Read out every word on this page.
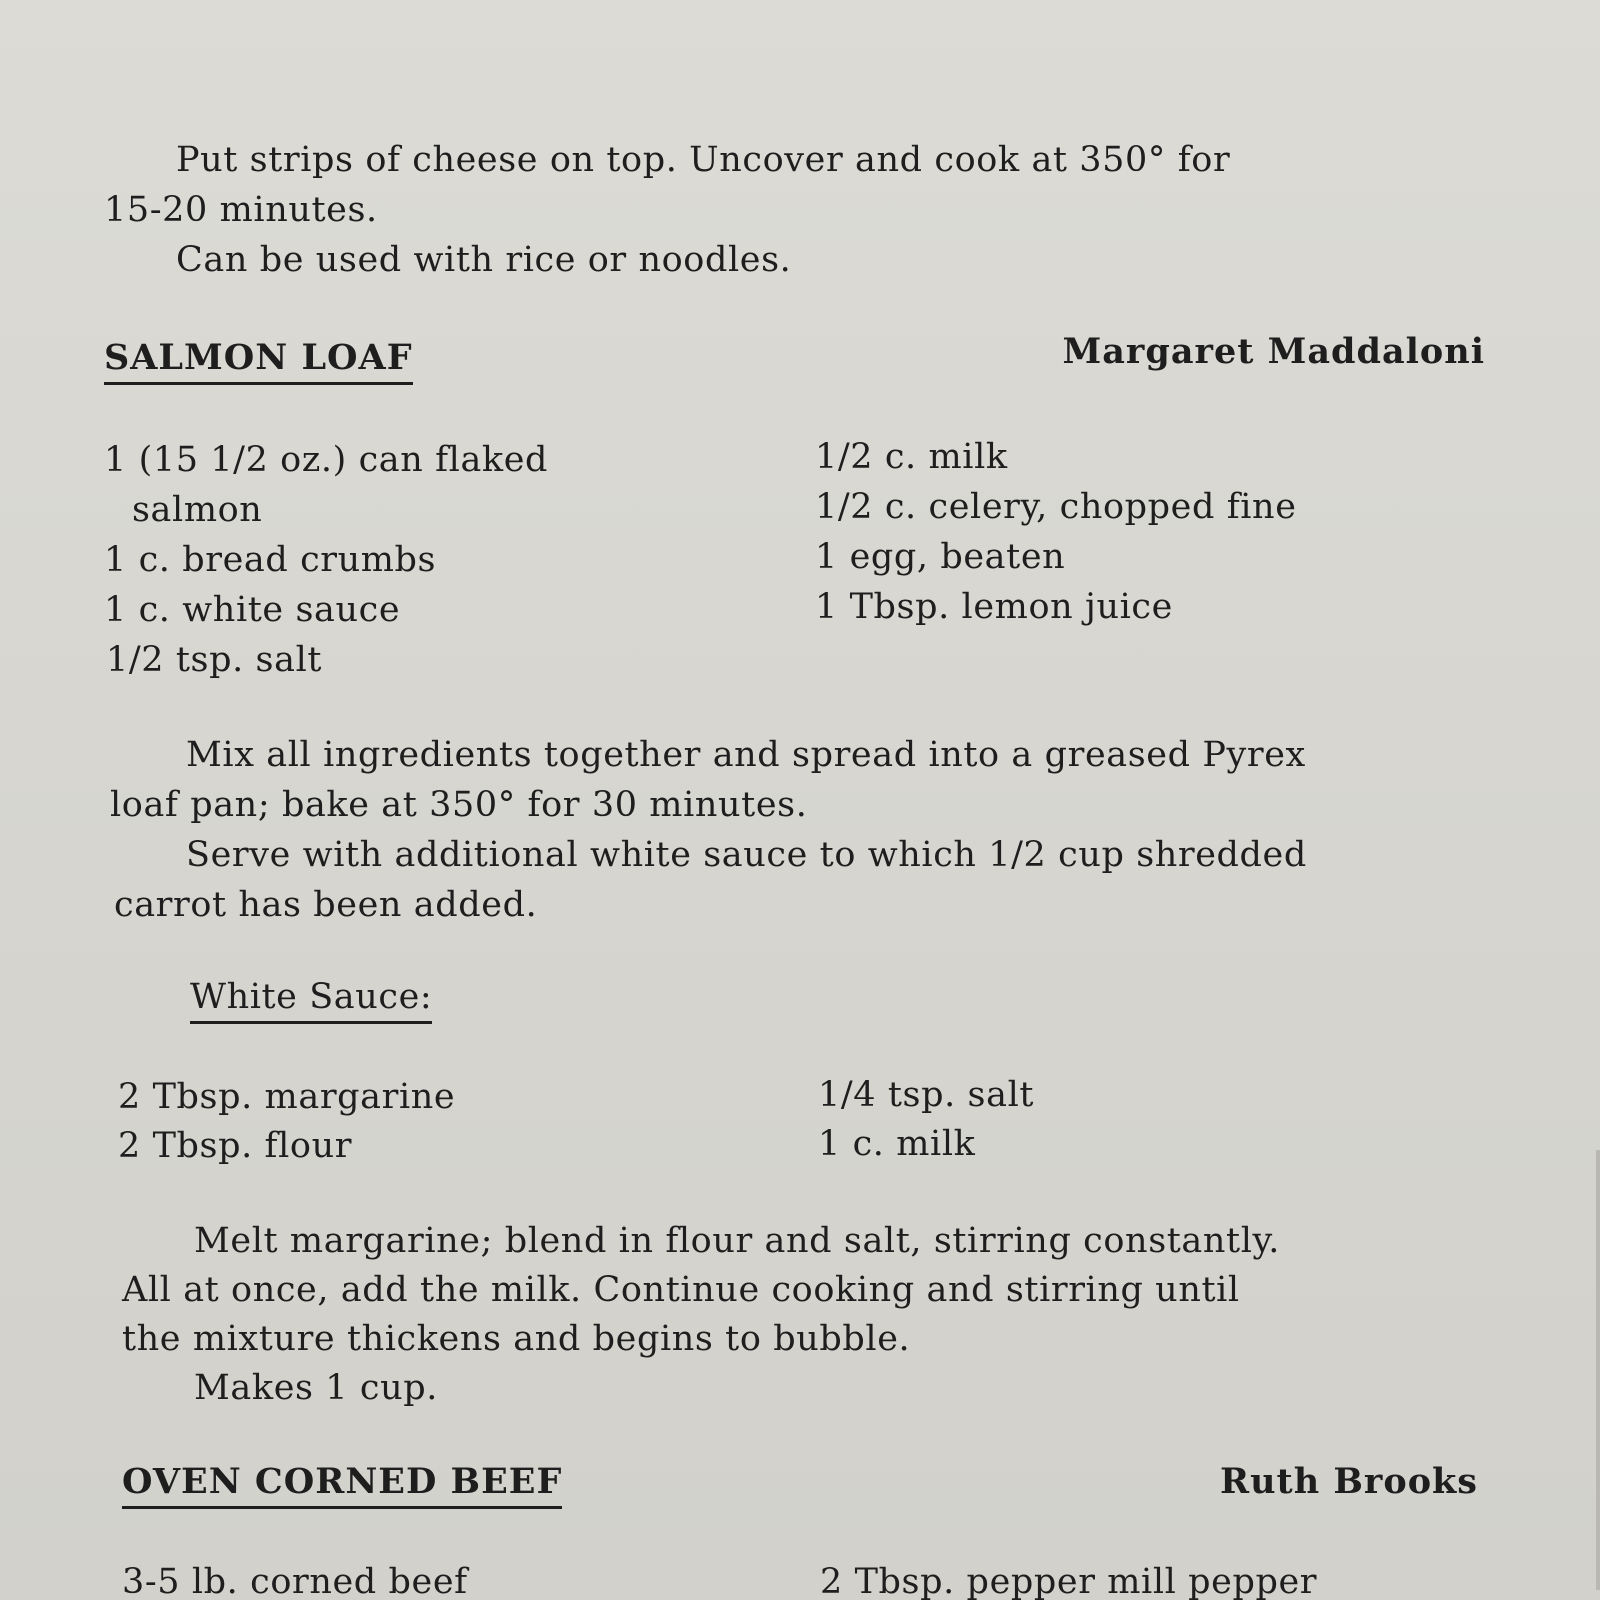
Put strips of cheese on top. Uncover and cook at 350° for
15-20 minutes.
Can be used with rice or noodles.
SALMON LOAF	Margaret Maddaloni
1 (15 1/2 oz.) can flaked
salmon
1 c. bread crumbs
1 c. white sauce
1/2 tsp. salt
1/2 c. milk
1/2 c. celery, chopped fine
1 egg, beaten
1 Tbsp. lemon juice
Mix all ingredients together and spread into a greased Pyrex
loaf pan; bake at 350° for 30 minutes.
Serve with additional white sauce to which 1/2 cup shredded
carrot has been added.
White Sauce:
2 Tbsp. margarine
2 Tbsp. flour
1/4 tsp. salt
1 c. milk
Melt margarine; blend in flour and salt, stirring constantly.
All at once, add the milk. Continue cooking and stirring until
the mixture thickens and begins to bubble.
Makes 1 cup.
OVEN CORNED BEEF	Ruth Brooks
3-5 lb. corned beef	2 Tbsp. pepper mill pepper
